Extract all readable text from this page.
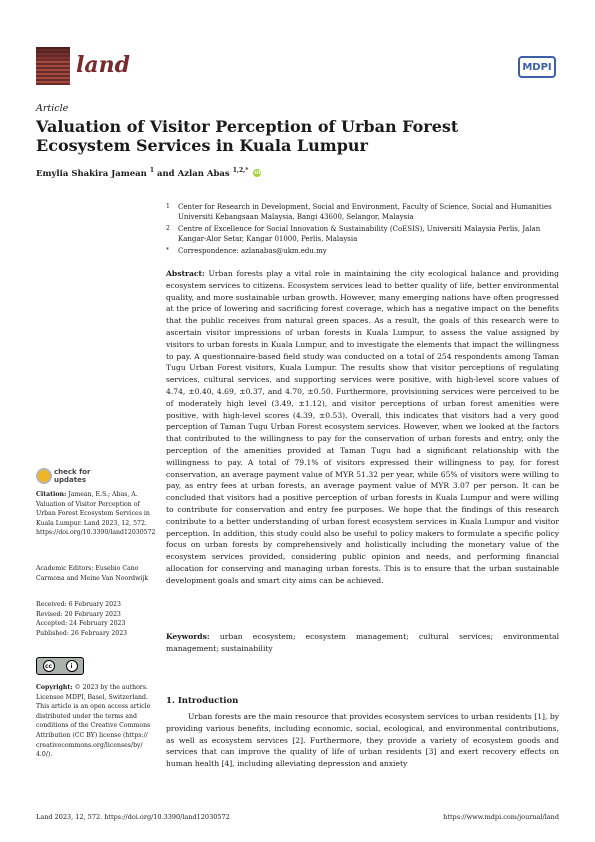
land	MDPI
Article
Valuation of Visitor Perception of Urban Forest Ecosystem Services in Kuala Lumpur
Emylia Shakira Jamean $^1$ and Azlan Abas $^{1,2,*}$ iD
1 Center for Research in Development, Social and Environment, Faculty of Science, Social and Humanities Universiti Kebangsaan Malaysia, Bangi 43600, Selangor, Malaysia
2 Centre of Excellence for Social Innovation & Sustainability (CoESIS), Universiti Malaysia Perlis, Jalan Kangar-Alor Setar, Kangar 01000, Perlis, Malaysia
* Correspondence: azlanabas@ukm.edu.my
Abstract: Urban forests play a vital role in maintaining the city ecological balance and providing ecosystem services to citizens. Ecosystem services lead to better quality of life, better environmental quality, and more sustainable urban growth. However, many emerging nations have often progressed at the price of lowering and sacrificing forest coverage, which has a negative impact on the benefits that the public receives from natural green spaces. As a result, the goals of this research were to ascertain visitor impressions of urban forests in Kuala Lumpur, to assess the value assigned by visitors to urban forests in Kuala Lumpur, and to investigate the elements that impact the willingness to pay. A questionnaire-based field study was conducted on a total of 254 respondents among Taman Tugu Urban Forest visitors, Kuala Lumpur. The results show that visitor perceptions of regulating services, cultural services, and supporting services were positive, with high-level score values of 4.74, ±0.40, 4.69, ±0.37, and 4.70, ±0.50. Furthermore, provisioning services were perceived to be of moderately high level (3.49, ±1.12), and visitor perceptions of urban forest amenities were positive, with high-level scores (4.39, ±0.53). Overall, this indicates that visitors had a very good perception of Taman Tugu Urban Forest ecosystem services. However, when we looked at the factors that contributed to the willingness to pay for the conservation of urban forests and entry, only the perception of the amenities provided at Taman Tugu had a significant relationship with the willingness to pay. A total of 79.1% of visitors expressed their willingness to pay, for forest conservation, an average payment value of MYR 51.32 per year, while 65% of visitors were willing to pay, as entry fees at urban forests, an average payment value of MYR 3.07 per person. It can be concluded that visitors had a positive perception of urban forests in Kuala Lumpur and were willing to contribute for conservation and entry fee purposes. We hope that the findings of this research contribute to a better understanding of urban forest ecosystem services in Kuala Lumpur and visitor perception. In addition, this study could also be useful to policy makers to formulate a specific policy focus on urban forests by comprehensively and holistically including the monetary value of the ecosystem services provided, considering public opinion and needs, and performing financial allocation for conserving and managing urban forests. This is to ensure that the urban sustainable development goals and smart city aims can be achieved.
Keywords: urban ecosystem; ecosystem management; cultural services; environmental management; sustainability
check for
updates
Citation: Jamean, E.S.; Abas, A. Valuation of Visitor Perception of Urban Forest Ecosystem Services in Kuala Lumpur. Land 2023, 12, 572. https://doi.org/10.3390/land12030572
Academic Editors: Eusebio Cano Carmona and Meine Van Noordwijk
Received: 6 February 2023
Revised: 20 February 2023
Accepted: 24 February 2023
Published: 26 February 2023
cc	i
Copyright: © 2023 by the authors. Licensee MDPI, Basel, Switzerland. This article is an open access article distributed under the terms and conditions of the Creative Commons Attribution (CC BY) license (https:// creativecommons.org/licenses/by/ 4.0/).
1. Introduction
Urban forests are the main resource that provides ecosystem services to urban residents [1], by providing various benefits, including economic, social, ecological, and environmental contributions, as well as ecosystem services [2]. Furthermore, they provide a variety of ecosystem goods and services that can improve the quality of life of urban residents [3] and exert recovery effects on human health [4], including alleviating depression and anxiety
Land 2023, 12, 572. https://doi.org/10.3390/land12030572	https://www.mdpi.com/journal/land
